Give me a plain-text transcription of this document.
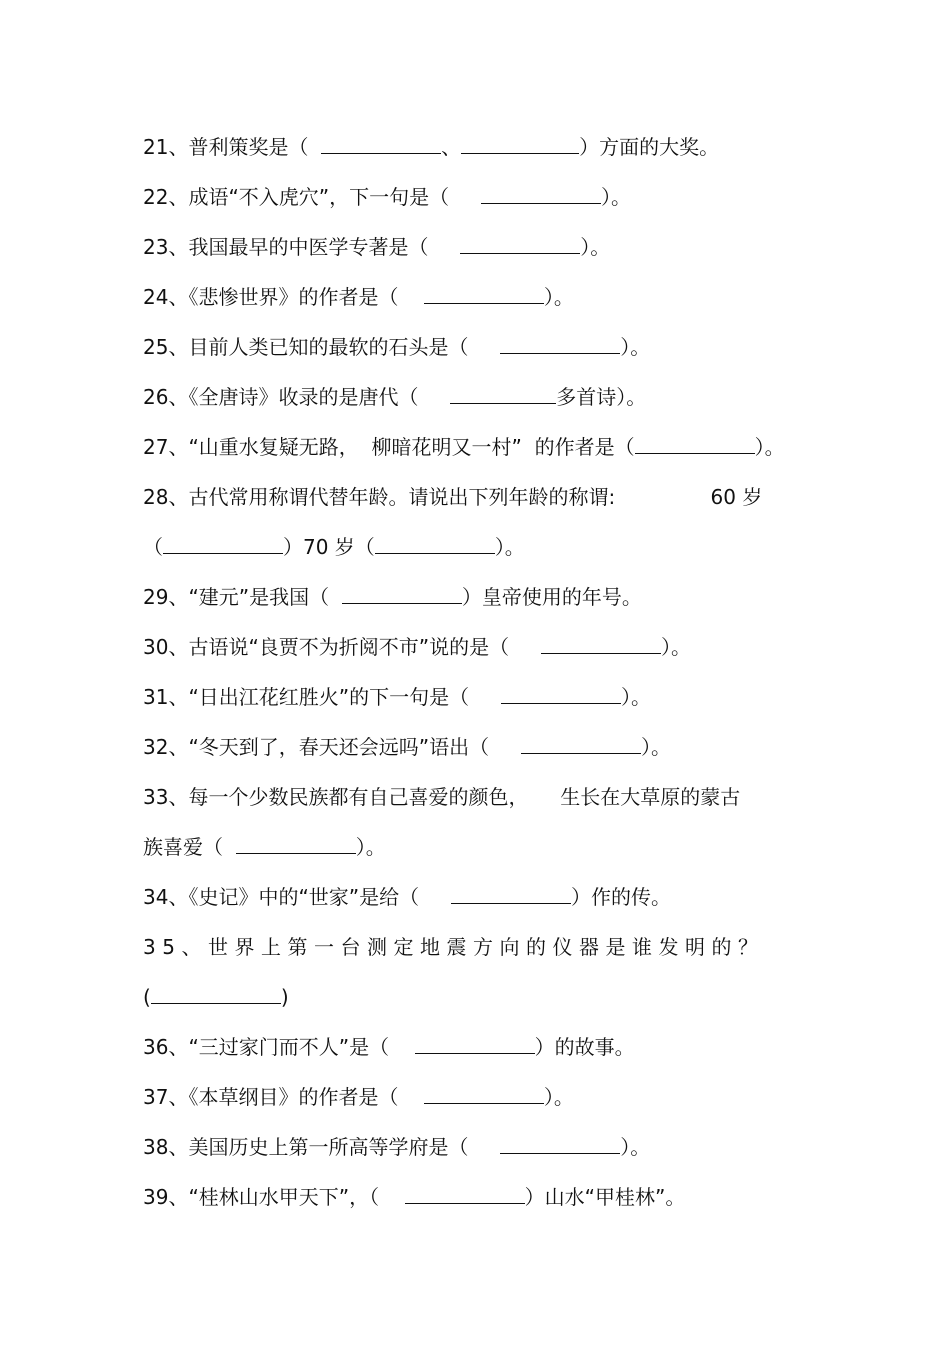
21、普利策奖是（	、	）方面的大奖。
22、成语“不入虎穴”，下一句是（	）。
23、我国最早的中医学专著是（	）。
24、《悲惨世界》的作者是（	）。
25、目前人类已知的最软的石头是（	）。
26、《全唐诗》收录的是唐代（	多首诗）。
27、“山重水复疑无路，  柳暗花明又一村”  的作者是（	）。
28、古代常用称谓代替年龄。请说出下列年龄的称谓:               60 岁
（	）70 岁（	）。
29、“建元”是我国（	）皇帝使用的年号。
30、古语说“良贾不为折阅不市”说的是（	）。
31、“日出江花红胜火”的下一句是（	）。
32、“冬天到了，春天还会远吗”语出（	）。
33、每一个少数民族都有自己喜爱的颜色，     生长在大草原的蒙古
族喜爱（	）。
34、《史记》中的“世家”是给（	）作的传。
35、世界上第一台测定地震方向的仪器是谁发明的？
(	)
36、“三过家门而不人”是（	）的故事。
37、《本草纲目》的作者是（	）。
38、美国历史上第一所高等学府是（	）。
39、“桂林山水甲天下”，（	）山水“甲桂林”。
